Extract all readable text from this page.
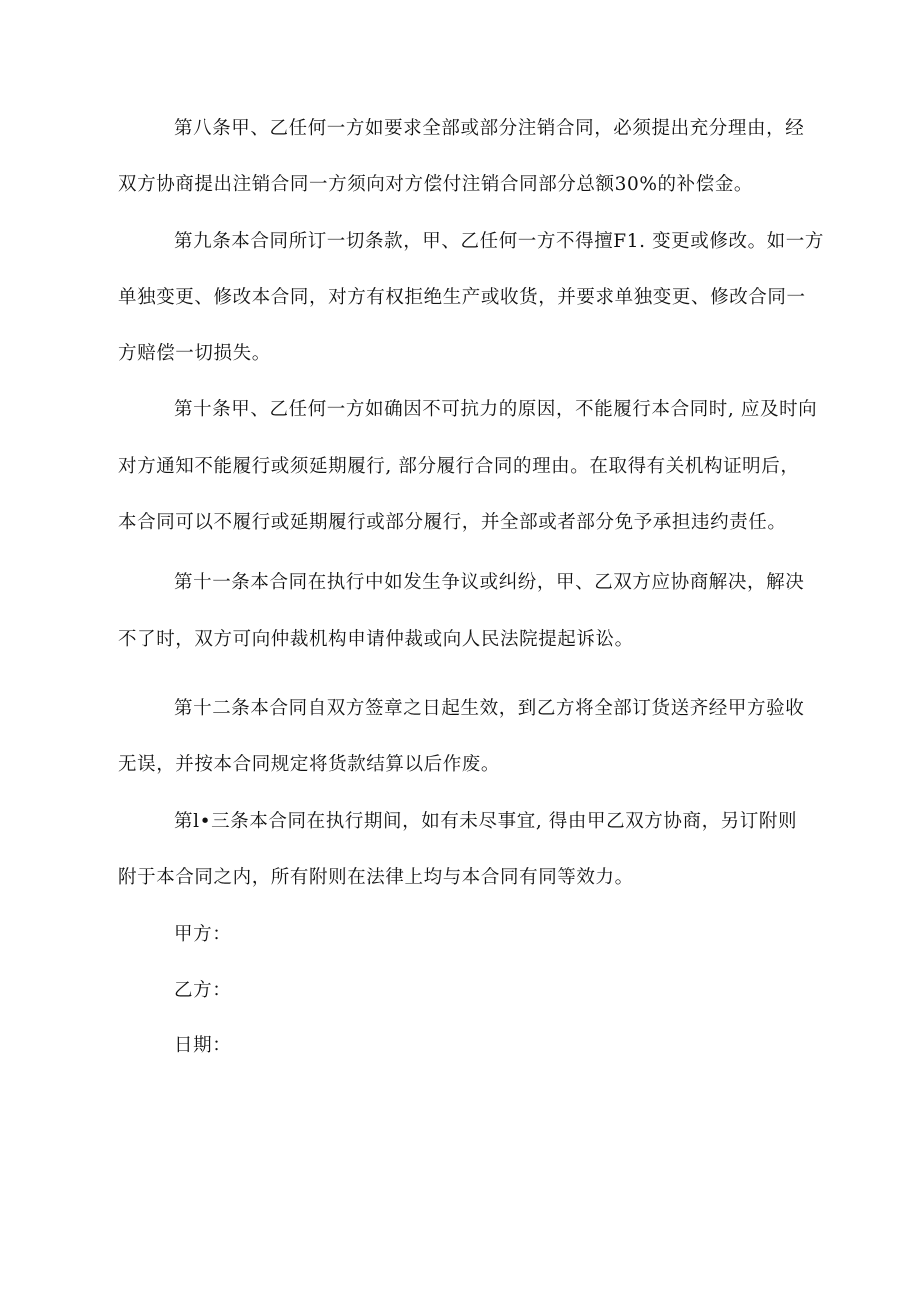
第八条甲、乙任何一方如要求全部或部分注销合同，必须提出充分理由，经
双方协商提出注销合同一方须向对方偿付注销合同部分总额30%的补偿金。
第九条本合同所订一切条款，甲、乙任何一方不得擅F1. 变更或修改。如一方
单独变更、修改本合同，对方有权拒绝生产或收货，并要求单独变更、修改合同一
方赔偿一切损失。
第十条甲、乙任何一方如确因不可抗力的原因，不能履行本合同时, 应及时向
对方通知不能履行或须延期履行, 部分履行合同的理由。在取得有关机构证明后，
本合同可以不履行或延期履行或部分履行，并全部或者部分免予承担违约责任。
第十一条本合同在执行中如发生争议或纠纷，甲、乙双方应协商解决，解决
不了时，双方可向仲裁机构申请仲裁或向人民法院提起诉讼。
第十二条本合同自双方签章之日起生效，到乙方将全部订货送齐经甲方验收
无误，并按本合同规定将货款结算以后作废。
第l•三条本合同在执行期间，如有未尽事宜, 得由甲乙双方协商，另订附则
附于本合同之内，所有附则在法律上均与本合同有同等效力。
甲方：
乙方：
日期：
